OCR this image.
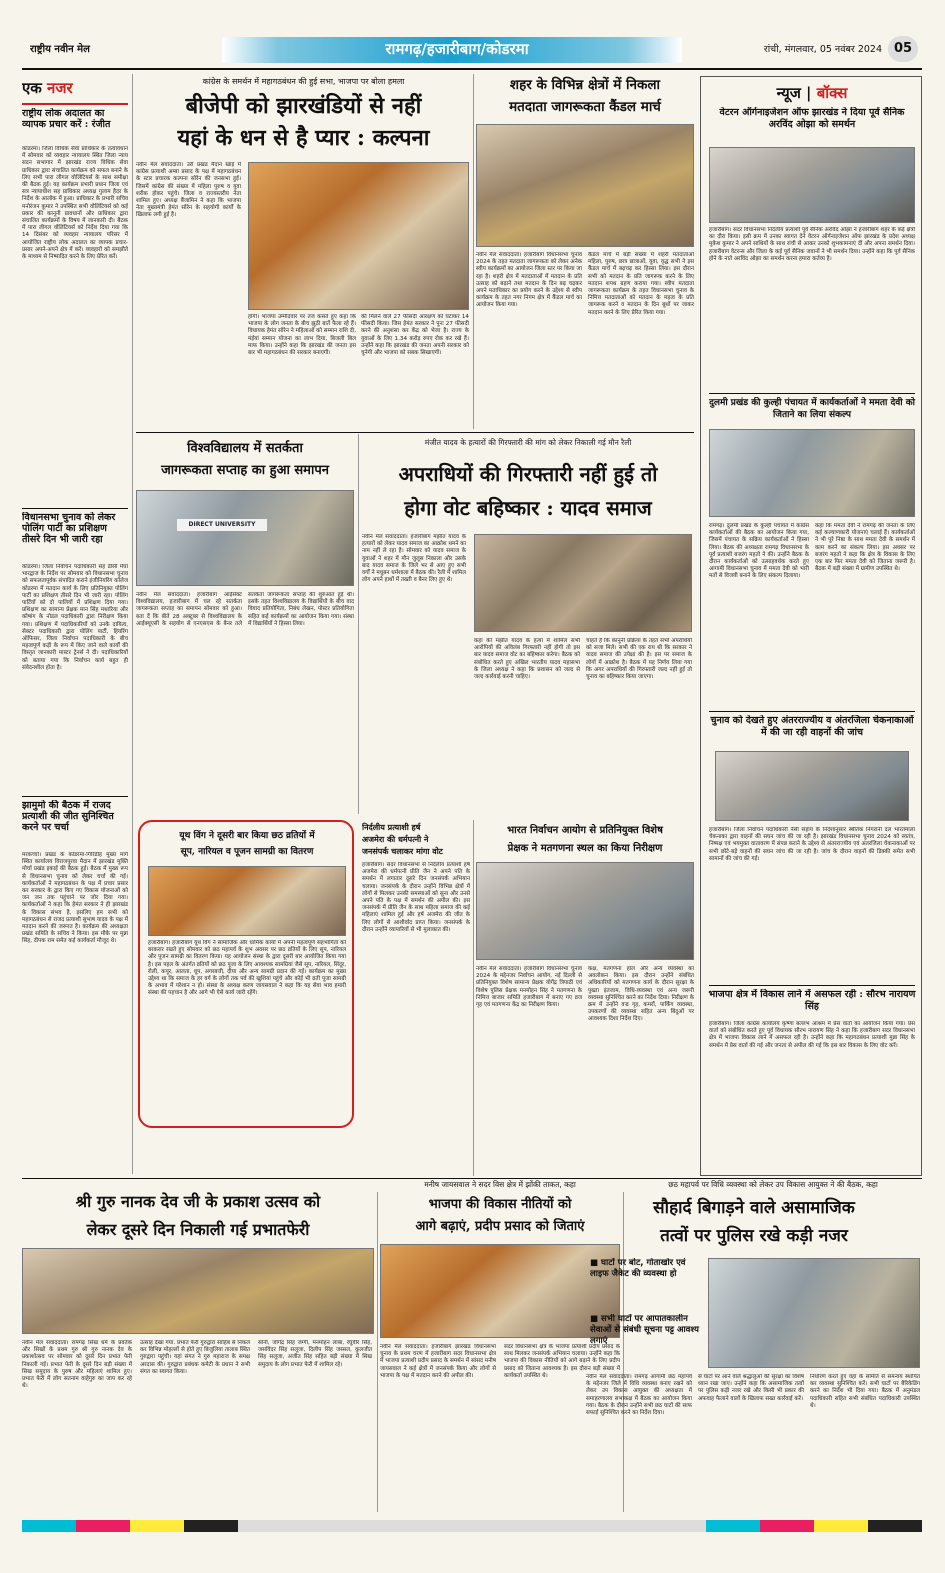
राष्ट्रीय नवीन मेल	रामगढ़/हजारीबाग/कोडरमा	रांची, मंगलवार, 05 नवंबर 2024 05
एक नजर
राष्ट्रीय लोक अदालत का व्यापक प्रचार करें : रंजीत
कोडरमा। जिला विधिक सेवा प्राधिकार के तत्वावधान में सोमवार को व्यवहार न्यायालय स्थित जिला न्याय सदन सभागार में झारखंड राज्य विधिक सेवा प्राधिकार द्वारा संचालित कार्यक्रम को सफल बनाने के लिए सभी पारा लीगल वोलिंटियर्स के साथ समीक्षा की बैठक हुई। यह कार्यक्रम प्रभारी प्रधान जिला एवं सत्र न्यायाधीश सह प्राधिकार अध्यक्ष गुलाम हैदर के निर्देश के आलोक में हुआ। प्राधिकार के प्रभारी सचिव मनोरंजन कुमार ने उपस्थित सभी वोलिंटियर्स को कई प्रकार की कानूनी प्रावधानों और प्राधिकार द्वारा संचालित कार्यक्रमों के विषय में जानकारी दी। बैठक में पारा लीगल वोलिंटियर्स को निर्देश दिया गया कि 14 दिसंबर को व्यवहार न्यायालय परिसर में आयोजित राष्ट्रीय लोक अदालत का व्यापक प्रचार-प्रसार अपने-अपने क्षेत्र में करें। व्यवहारों को समझौते के माध्यम से निष्पादित करने के लिए प्रेरित करें।
विधानसभा चुनाव को लेकर पोलिंग पार्टी का प्रशिक्षण तीसरे दिन भी जारी रहा
कोडरमा। जिला निर्वाचन पदाधिकारी सह डीसी मेघा भारद्वाज के निर्देश पर सोमवार को विधानसभा चुनाव को सफलतापूर्वक संपादित कराने इंजीनियरिंग कॉलेज कोडरमा में मतदान कार्य के लिए प्रतिनियुक्त पोलिंग पार्टी का प्रशिक्षण तीसरे दिन भी जारी रहा। पोलिंग पार्टियों को दो पालियों में प्रशिक्षण दिया गया। प्रशिक्षण का सामान्य प्रेक्षक मान सिंह मथारिया और कोषांग के नोडल पदाधिकारी द्वारा निरीक्षण किया गया। प्रशिक्षण में पदाधिकारियों को उनके दायित्व, सेक्टर पदाधिकारी द्वारा पोलिंग पार्टी, हियरिंग ऑफिसर, जिला निर्वाचन पदाधिकारी के बीच महत्वपूर्ण कड़ी के रूप में किए जाने वाले कार्यों की विस्तृत जानकारी मास्टर ट्रेनर्स ने दी। पदाधिकारियों को बताया गया कि निर्वाचन कार्य बहुत ही संवेदनशील होता है।
झामुमो की बैठक में राजद प्रत्याशी की जीत सुनिश्चित करने पर चर्चा
मरकच्चो। प्रखंड के कोडरमा-गिरिडीह मुख्य मार्ग स्थित कार्यालय विराजपुरवा मैदान में झारखंड मुक्ति मोर्चा प्रखंड इकाई की बैठक हुई। बैठक में मुख्य रूप से विधानसभा चुनाव को लेकर चर्चा की गई। कार्यकर्ताओं ने महागठबंधन के पक्ष में प्रचार प्रसार कर सरकार के द्वारा किए गए विकास योजनाओं को जन जन तक पहुंचाने पर जोर दिया गया। कार्यकर्ताओं ने कहा कि हेमंत सरकार ने ही झारखंड के विकास संभव है, इसलिए हम सभी को महागठबंधन से राजद प्रत्याशी सुभाष यादव के पक्ष में मतदान करने की जरूरत है। कार्यक्रम की अध्यक्षता प्रखंड समिति के सचिव ने किया। इस मौके पर मुन्ना सिंह, दीपक राम समेत कई कार्यकर्ता मौजूद थे।
कांग्रेस के समर्थन में महागठबंधन की हुई सभा, भाजपा पर बोला हमला
बीजेपी को झारखंडियों से नहीं
यहां के धन से है प्यार : कल्पना
नवीन मेल संवाददाता। उरी प्रखंड मैदान खाई में कांग्रेस प्रत्याशी अम्बा प्रसाद के पक्ष में महागठबंधन के स्टार प्रचारक कल्पना सोरेन की जनसभा हुई। जिसमें कांग्रेस की संख्या में महिला पुरुष व युवा शरीक होकर पहुंचे। जिला व राज्यस्तरीय नेता शामिल हुए। अध्यक्ष बैंजामिन ने कहा कि भाजपा नेता मुख्यमंत्री हेमंत सोरेन के सहयोगी कार्यों के खिलाफ लगी हुई है।
होगी। भाजपा उम्मीदवार पर तंज कसते हुए कहा कि भाजपा के लोग जनता के बीच झूठी बातें फैला रहे हैं। विधायक हेमंत सोरेन ने महिलाओं को सम्मान राशि दी, मंईयां सम्मान योजना का लाभ दिया, बिजली बिल माफ किया। उन्होंने कहा कि झारखंड की जनता इस बार भी महागठबंधन की सरकार बनाएगी।
की मिलने वाले 27 फीसदी आरक्षण को घटाकर 14 फीसदी किया। जिस हेमंत सरकार ने पुनः 27 फीसदी करने की अनुशंसा कर केंद्र को भेजा है। राज्य के युवाओं के लिए 1.34 करोड़ रुपए रोक कर रखे हैं। उन्होंने कहा कि झारखंड की जनता अपनी सरकार को चुनेगी और भाजपा को सबक सिखाएगी।
शहर के विभिन्न क्षेत्रों में निकला
मतदाता जागरूकता कैंडल मार्च
नवीन मेल संवाददाता। हजारीबाग विधानसभा चुनाव 2024 के तहत मतदाता जागरूकता को लेकर अनेक स्वीप कार्यक्रमों का आयोजन जिला स्तर पर किया जा रहा है। शहरी क्षेत्र में मतदाताओं में मतदान के प्रति उत्साह को बढ़ाने तथा मतदान के दिन बढ़ चढ़कर अपने मताधिकार का प्रयोग करने के उद्देश्य से स्वीप कार्यक्रम के तहत नगर निगम क्षेत्र में कैंडल मार्च का आयोजन किया गया।
कैंडल मार्च में बड़ी संख्या में शहरी मतदाताओं महिला, पुरुष, छात्र छात्राओं, युवा, वृद्ध सभी ने इस कैंडल मार्च में बढ़चढ़ कर हिस्सा लिया। इस दौरान सभी को मतदान के प्रति जागरूक करने के लिए मतदान शपथ ग्रहण कराया गया। स्वीप मतदाता जागरूकता कार्यक्रम के तहत विधानसभा चुनाव के निमित्त मतदाताओं को मतदान के महत्व के प्रति जागरूक करने व मतदान के दिन बूथों पर जाकर मतदान करने के लिए प्रेरित किया गया।
न्यूज | बॉक्स
वेटरन ऑर्गनाइजेशन ऑफ झारखंड ने दिया पूर्व सैनिक अरविंद ओझा को समर्थन
हजारीबाग। सदर विधानसभा निर्दलीय प्रत्याशी पूर्व सैनिक अरविंद ओझा ने हजारीबाग शहर के कई क्षेत्रों का दौरा किया। इसी क्रम में उनका स्वागत देने वेटरन ऑर्गनाइजेशन ऑफ झारखंड के प्रदेश अध्यक्ष मुकेश कुमार ने अपने साथियों के साथ रांची से आकर उनको शुभकामनाएं दीं और अपना समर्थन दिया। हजारीबाग वेटरन्स और जिला के कई पूर्व सैनिक जवानों ने भी समर्थन दिया। उन्होंने कहा कि पूर्व सैनिक होने के नाते अरविंद ओझा का समर्थन करना हमारा कर्तव्य है।
दुलमी प्रखंड की कुल्ही पंचायत में कार्यकर्ताओं ने ममता देवी को जिताने का लिया संकल्प
रामगढ़। दुलमी प्रखंड के कुल्ही पंचायत में कांग्रेस कार्यकर्ताओं की बैठक का आयोजन किया गया, जिसमें पंचायत के सक्रिय कार्यकर्ताओं ने हिस्सा लिया। बैठक की अध्यक्षता रामगढ़ विधानसभा के पूर्व प्रत्याशी बजरंग महतो ने की। उन्होंने बैठक के दौरान कार्यकर्ताओं को उत्साहवर्धक करते हुए आगामी विधानसभा चुनाव में ममता देवी को भारी मतों से विजयी बनाने के लिए संकल्प दिलाया।
कहा कि ममता देवी ने रामगढ़ की जनता के लिए कई कल्याणकारी योजनाएं चलाई हैं। कार्यकर्ताओं ने भी पूरे निष्ठा के साथ ममता देवी के समर्थन में काम करने का संकल्प लिया। इस अवसर पर बजरंग महतो ने कहा कि क्षेत्र के विकास के लिए एक बार फिर ममता देवी को जिताना जरूरी है। बैठक में बड़ी संख्या में ग्रामीण उपस्थित थे।
चुनाव को देखते हुए अंतरराज्यीय व अंतरजिला चेकनाकाओं में की जा रही वाहनों की जांच
हजारीबाग। जिला निर्वाचन पदाधिकारी नैंसी सहाय के निर्देशानुसार स्थैतिक निगरानी दल भारतमाला चेकनाका द्वारा वाहनों की सघन जांच की जा रही है। झारखंड विधानसभा चुनाव 2024 को स्वतंत्र, निष्पक्ष एवं भयमुक्त वातावरण में संपन्न कराने के उद्देश्य से अंतरराज्यीय एवं अंतरजिला चेकनाकाओं पर सभी छोटे-बड़े वाहनों की सघन जांच की जा रही है। जांच के दौरान वाहनों की डिक्की समेत सभी सामानों की जांच की गई।
भाजपा क्षेत्र में विकास लाने में असफल रही : सौरभ नारायण सिंह
हजारीबाग। जिला कांग्रेस कार्यालय कृष्णा बल्लभ आश्रम में प्रेस वार्ता का आयोजन किया गया। प्रेस वार्ता को संबोधित करते हुए पूर्व विधायक सौरभ नारायण सिंह ने कहा कि हजारीबाग सदर विधानसभा क्षेत्र में भाजपा विकास लाने में असफल रही है। उन्होंने कहा कि महागठबंधन प्रत्याशी मुन्ना सिंह के समर्थन में प्रेस वार्ता की गई और जनता से अपील की गई कि इस बार विकास के लिए वोट करें।
विश्वविद्यालय में सतर्कता
जागरूकता सप्ताह का हुआ समापन
DIRECT UNIVERSITY
नवीन मेल संवाददाता। हजारीबाग आईसेक्ट विश्वविद्यालय, हजारीबाग में चल रहे सतर्कता जागरूकता सप्ताह का समापन सोमवार को हुआ। बता दें कि बीते 28 अक्टूबर से विश्वविद्यालय के आईक्यूएसी के सहयोग से एनएसएस के बैनर तले सतर्कता जागरूकता सप्ताह की शुरुआत हुई थी। इसके तहत विश्वविद्यालय के विद्यार्थियों के बीच वाद विवाद प्रतियोगिता, निबंध लेखन, पोस्टर प्रतियोगिता सहित कई कार्यक्रमों का आयोजन किया गया। संस्था में विद्यार्थियों ने हिस्सा लिया।
मंजीत यादव के हत्यारों की गिरफ्तारी की मांग को लेकर निकाली गई मौन रैली
अपराधियों की गिरफ्तारी नहीं हुई तो
होगा वोट बहिष्कार : यादव समाज
नवीन मेल संवाददाता। हजारीबाग मंझीत यादव के हत्यारों को लेकर यादव समाज का आक्रोश थमने का नाम नहीं ले रहा है। सोमवार को यादव समाज के युवाओं ने शहर में मौन जुलूस निकाला और उसके बाद यादव समाज के जिले भर से आए हुए सभी वर्गों ने मधुबन धर्मशाला में बैठक की। रैली में शामिल लोग अपने हाथों में तख्ती व बैनर लिए हुए थे।
कहा की मंझीत यादव के हत्या में शामिल सभी आरोपियों की अविलंब गिरफ्तारी नहीं होगी तो इस बार यादव समाज वोट का बहिष्कार करेगा। बैठक को संबोधित करते हुए अखिल भारतीय यादव महासभा के जिला अध्यक्ष ने कहा कि प्रशासन को जल्द से जल्द कार्रवाई करनी चाहिए।
चाहते हैं कि कानूनी प्रक्रिया के तहत सभी अपराधियों को सजा मिले। सभी की एक राय थी कि सरकार ने यादव समाज की उपेक्षा की है। इस पर समाज के लोगों में आक्रोश है। बैठक में यह निर्णय लिया गया कि अगर अपराधियों की गिरफ्तारी जल्द नहीं हुई तो चुनाव का बहिष्कार किया जाएगा।
यूथ विंग ने दूसरी बार किया छठ व्रतियों में
सूप, नारियल व पूजन सामग्री का वितरण
हजारीबाग। हजारीबाग यूथ विंग ने सामाजिक और धार्मिक कार्यों में अपनी महत्वपूर्ण सहभागिता को बरकरार रखते हुए सोमवार को छठ महापर्व के शुभ अवसर पर छठ व्रतियों के लिए सूप, नारियल और पूजन सामग्री का वितरण किया। यह आयोजन संस्था के द्वारा दूसरी बार आयोजित किया गया है। इस पहल के अंतर्गत व्रतियों को छठ पूजा के लिए आवश्यक सामग्रियां जैसे सूप, नारियल, सिंदूर, रोली, कपूर, आलता, धूप, अगरबत्ती, दीया और अन्य सामग्री प्रदान की गई। कार्यक्रम का मुख्य उद्देश्य था कि समाज के हर वर्ग के लोगों तक पर्व की खुशियां पहुंचे और कोई भी व्रती पूजा सामग्री के अभाव में परेशान न हो। संस्था के अध्यक्ष करण जायसवाल ने कहा कि यह सेवा भाव हमारी संस्था की पहचान है और आगे भी ऐसे कार्य जारी रहेंगे।
निर्दलीय प्रत्याशी हर्ष
अजमेरा की धर्मपत्नी ने
जनसंपर्क चलाकर मांगा वोट
हजारीबाग। सदर विधानसभा से निर्दलीय प्रत्याशी हर्ष अजमेरा की धर्मपत्नी प्रीति जैन ने अपने पति के समर्थन में लगातार दूसरे दिन जनसंपर्क अभियान चलाया। जनसंपर्क के दौरान उन्होंने विभिन्न क्षेत्रों में लोगों से मिलकर उनकी समस्याओं को सुना और उनसे अपने पति के पक्ष में समर्थन की अपील की। इस जनसंपर्क में प्रीति जैन के साथ महिला समाज की कई महिलाएं शामिल हुईं और हर्ष अजमेरा की जीत के लिए लोगों से आशीर्वाद प्राप्त किया। जनसंपर्क के दौरान उन्होंने व्यापारियों से भी मुलाकात की।
भारत निर्वाचन आयोग से प्रतिनियुक्त विशेष
प्रेक्षक ने मतगणना स्थल का किया निरीक्षण
नवीन मेल संवाददाता। हजारीबाग विधानसभा चुनाव 2024 के मद्देनजर निर्वाचन आयोग, नई दिल्ली से प्रतिनियुक्त विशेष सामान्य प्रेक्षक योगेंद्र त्रिपाठी एवं विशेष पुलिस प्रेक्षक मनमोहन सिंह ने मतगणना के निमित्त बाजार समिति हजारीबाग में बनाए गए व्रज गृह एवं मतगणना केंद्र का निरीक्षण किया।
कक्ष, मतगणना हॉल और अन्य व्यवस्था का अवलोकन किया। इस दौरान उन्होंने संबंधित अधिकारियों को मतगणना कार्य के दौरान सुरक्षा के पुख्ता इंतजाम, विधि-व्यवस्था एवं अन्य जरूरी व्यवस्था सुनिश्चित करने का निर्देश दिया। निरीक्षण के क्रम में उन्होंने वज्र गृह, कमरों, पार्किंग व्यवस्था, उपकरणों की व्यवस्था सहित अन्य बिंदुओं पर आवश्यक दिशा निर्देश दिए।
मनीष जायसवाल ने सदर विस क्षेत्र में झोंकी ताकत, कहा	छठ महापर्व पर विधि व्यवस्था को लेकर उप विकास आयुक्त ने की बैठक, कहा
श्री गुरु नानक देव जी के प्रकाश उत्सव को
लेकर दूसरे दिन निकाली गई प्रभातफेरी
नवीन मेल संवाददाता। रामगढ़ सिख धर्म के प्रवर्तक और सिखों के प्रथम गुरु श्री गुरु नानक देव के प्रकाशोत्सव पर सोमवार को दूसरे दिन प्रभात फेरी निकाली गई। प्रभात फेरी के दूसरे दिन बड़ी संख्या में सिख समुदाय के पुरुष और महिलाएं शामिल हुए। प्रभात फेरी में लोग सतनाम वाहेगुरु का जाप कर रहे थे।
उत्साह देखा गया. प्रभात फेरी गुरुद्वारा साहिब से निकल कर विभिन्न मोहल्लों से होते हुए बिजुलिया तालाब स्थित गुरुद्वारा पहुंची। यहां संगत ने गुरु महाराज के समक्ष अरदास की। गुरुद्वारा प्रबंधक कमेटी के प्रधान ने सभी संगत का स्वागत किया।
सोनी, जोगेंद्र सिंह जग्गी, मनमोहन लांबा, रघुवीर सिंह, जसविंदर सिंह सलूजा, दिलीप सिंह जस्सल, कुलजीत सिंह सलूजा, अजीत सिंह सहित बड़ी संख्या में सिख समुदाय के लोग प्रभात फेरी में शामिल रहे।
भाजपा की विकास नीतियों को
आगे बढ़ाएं, प्रदीप प्रसाद को जिताएं
नवीन मेल संवाददाता। हजारीबाग झारखंड विधानसभा चुनाव के प्रथम चरण में हजारीबाग सदर विधानसभा क्षेत्र में भाजपा प्रत्याशी प्रदीप प्रसाद के समर्थन में सांसद मनीष जायसवाल ने कई क्षेत्रों में जनसंपर्क किया और लोगों से भाजपा के पक्ष में मतदान करने की अपील की।
सदर विधानसभा क्षेत्र के भाजपा प्रत्याशी प्रदीप प्रसाद के साथ मिलकर जनसंपर्क अभियान चलाया। उन्होंने कहा कि भाजपा की विकास नीतियों को आगे बढ़ाने के लिए प्रदीप प्रसाद को जिताना आवश्यक है। इस दौरान बड़ी संख्या में कार्यकर्ता उपस्थित थे।
सौहार्द बिगाड़ने वाले असामाजिक
तत्वों पर पुलिस रखे कड़ी नजर
■ घाटों पर बोट, गोताखोर एवं लाइफ जैकेट की व्यवस्था हो
■ सभी घाटों पर आपातकालीन सेवाओं से संबंधी सूचना पट्ट आवश्य लगाएं
नवीन मेल संवाददाता। रामगढ़ आगामी छठ महापर्व के मद्देनजर जिले में विधि व्यवस्था बनाए रखने को लेकर उप विकास आयुक्त की अध्यक्षता में समाहरणालय सभाकक्ष में बैठक का आयोजन किया गया। बैठक के दौरान उन्होंने सभी छठ घाटों की साफ सफाई सुनिश्चित करने का निर्देश दिया।
से घाटों पर आने वाले श्रद्धालुओं की सुरक्षा का विशेष ध्यान रखा जाए। उन्होंने कहा कि असामाजिक तत्वों पर पुलिस कड़ी नजर रखे और किसी भी प्रकार की अफवाह फैलाने वालों के खिलाफ सख्त कार्रवाई करें।
निर्धारण करते हुए वहां के समिति से समन्वय स्थापित कर व्यवस्था सुनिश्चित करें। सभी घाटों पर बैरिकेडिंग करने का निर्देश भी दिया गया। बैठक में अनुमंडल पदाधिकारी सहित सभी संबंधित पदाधिकारी उपस्थित थे।
